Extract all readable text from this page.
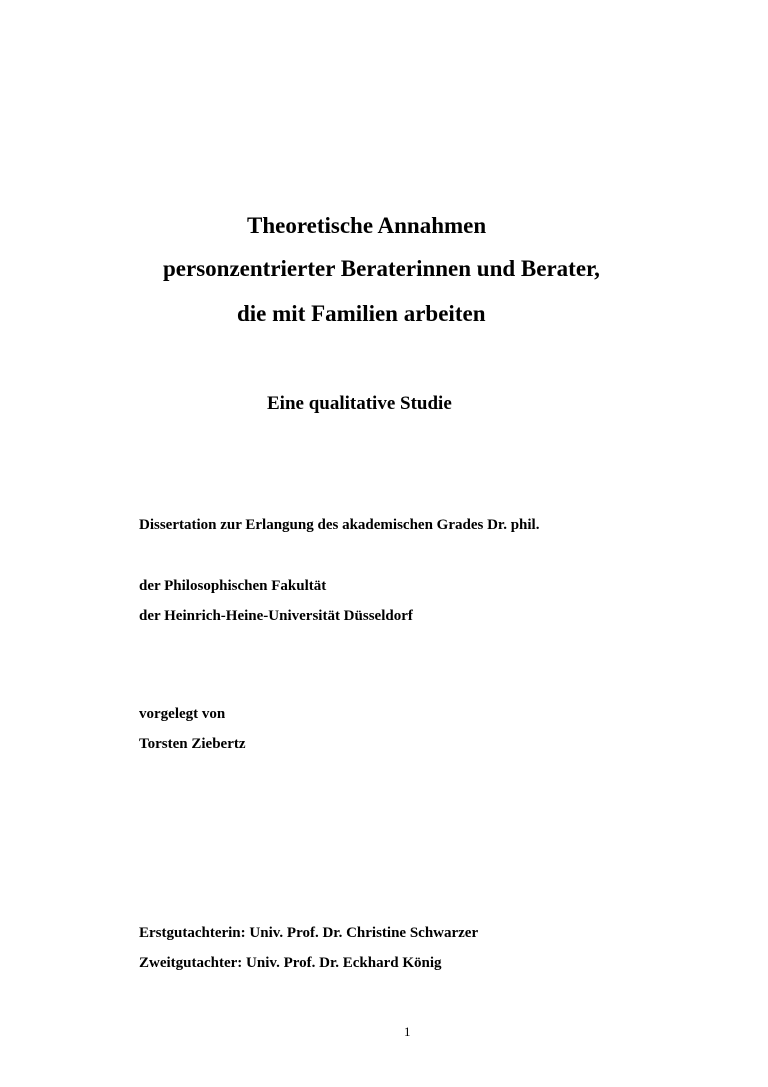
Theoretische Annahmen
personzentrierter Beraterinnen und Berater,
die mit Familien arbeiten
Eine qualitative Studie

Dissertation zur Erlangung des akademischen Grades Dr. phil.

der Philosophischen Fakultät

der Heinrich-Heine-Universität Düsseldorf

vorgelegt von

Torsten Ziebertz

Erstgutachterin: Univ. Prof. Dr. Christine Schwarzer

Zweitgutachter: Univ. Prof. Dr. Eckhard König

1
